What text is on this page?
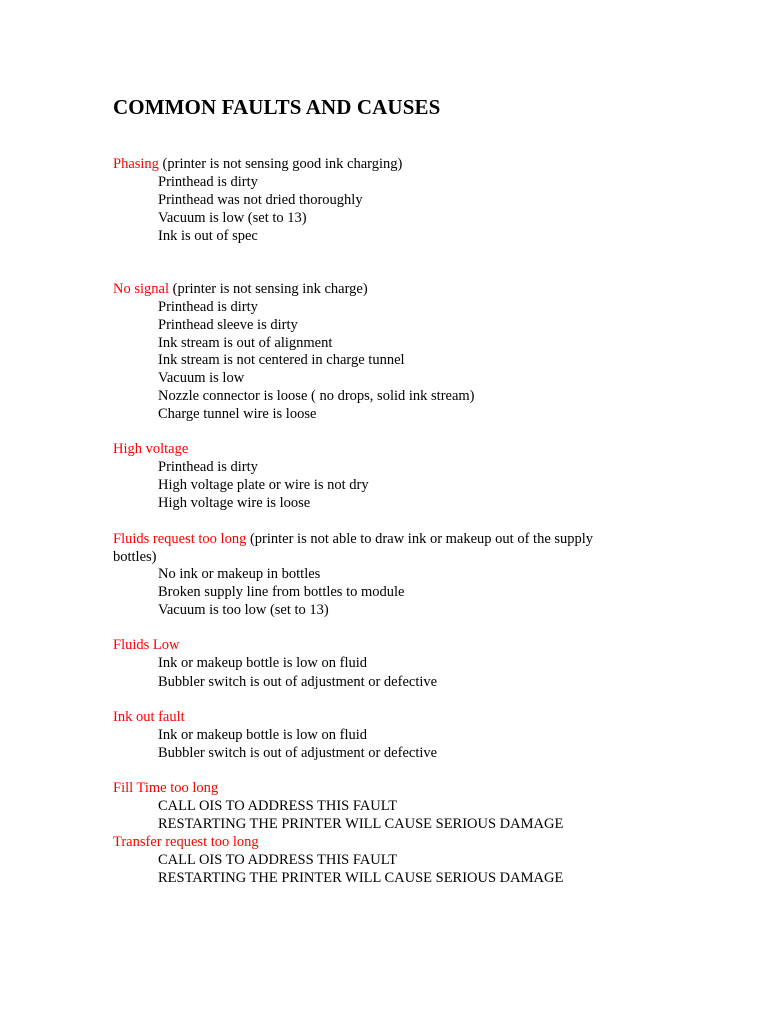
COMMON FAULTS AND CAUSES
Phasing (printer is not sensing good ink charging)
Printhead is dirty
Printhead was not dried thoroughly
Vacuum is low (set to 13)
Ink is out of spec
No signal (printer is not sensing ink charge)
Printhead is dirty
Printhead sleeve is dirty
Ink stream is out of alignment
Ink stream is not centered in charge tunnel
Vacuum is low
Nozzle connector is loose ( no drops, solid ink stream)
Charge tunnel wire is loose
High voltage
Printhead is dirty
High voltage plate or wire is not dry
High voltage wire is loose
Fluids request too long (printer is not able to draw ink or makeup out of the supply
bottles)
No ink or makeup in bottles
Broken supply line from bottles to module
Vacuum is too low (set to 13)
Fluids Low
Ink or makeup bottle is low on fluid
Bubbler switch is out of adjustment or defective
Ink out fault
Ink or makeup bottle is low on fluid
Bubbler switch is out of adjustment or defective
Fill Time too long
CALL OIS TO ADDRESS THIS FAULT
RESTARTING THE PRINTER WILL CAUSE SERIOUS DAMAGE
Transfer request too long
CALL OIS TO ADDRESS THIS FAULT
RESTARTING THE PRINTER WILL CAUSE SERIOUS DAMAGE
